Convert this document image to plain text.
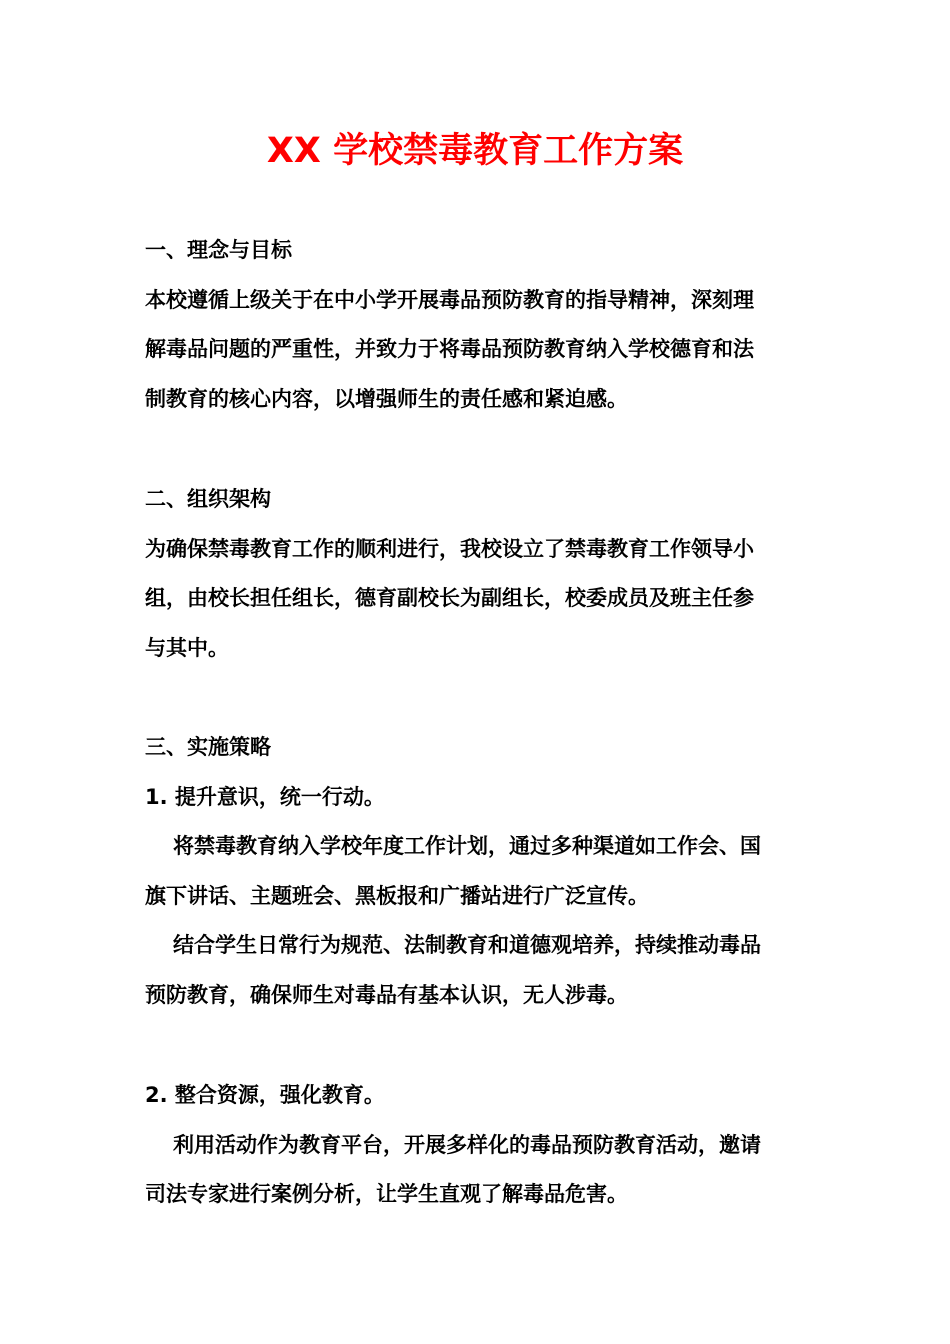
XX 学校禁毒教育工作方案
一、理念与目标
本校遵循上级关于在中小学开展毒品预防教育的指导精神，深刻理
解毒品问题的严重性，并致力于将毒品预防教育纳入学校德育和法
制教育的核心内容，以增强师生的责任感和紧迫感。
二、组织架构
为确保禁毒教育工作的顺利进行，我校设立了禁毒教育工作领导小
组，由校长担任组长，德育副校长为副组长，校委成员及班主任参
与其中。
三、实施策略
1. 提升意识，统一行动。
将禁毒教育纳入学校年度工作计划，通过多种渠道如工作会、国
旗下讲话、主题班会、黑板报和广播站进行广泛宣传。
结合学生日常行为规范、法制教育和道德观培养，持续推动毒品
预防教育，确保师生对毒品有基本认识，无人涉毒。
2. 整合资源，强化教育。
利用活动作为教育平台，开展多样化的毒品预防教育活动，邀请
司法专家进行案例分析，让学生直观了解毒品危害。
